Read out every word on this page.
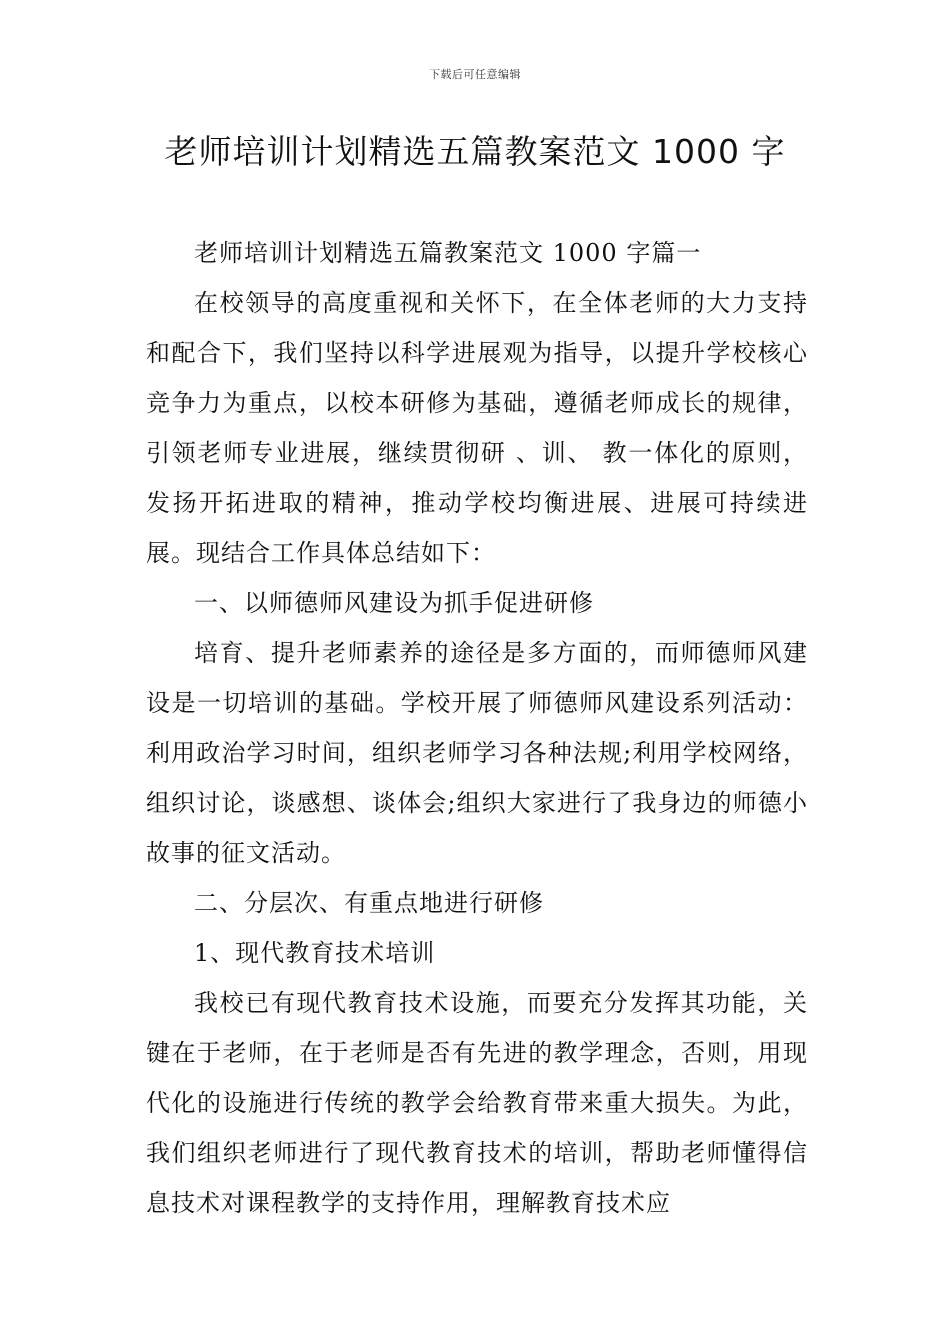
下载后可任意编辑
老师培训计划精选五篇教案范文 1000 字

老师培训计划精选五篇教案范文 1000 字篇一

在校领导的高度重视和关怀下，在全体老师的大力支持和配合下，我们坚持以科学进展观为指导，以提升学校核心竞争力为重点，以校本研修为基础，遵循老师成长的规律，引领老师专业进展，继续贯彻研 、训、 教一体化的原则，发扬开拓进取的精神，推动学校均衡进展、进展可持续进展。现结合工作具体总结如下：

一、以师德师风建设为抓手促进研修

培育、提升老师素养的途径是多方面的，而师德师风建设是一切培训的基础。学校开展了师德师风建设系列活动：利用政治学习时间，组织老师学习各种法规;利用学校网络，组织讨论，谈感想、谈体会;组织大家进行了我身边的师德小故事的征文活动。

二、分层次、有重点地进行研修

1、现代教育技术培训

我校已有现代教育技术设施，而要充分发挥其功能，关键在于老师，在于老师是否有先进的教学理念，否则，用现代化的设施进行传统的教学会给教育带来重大损失。为此，我们组织老师进行了现代教育技术的培训，帮助老师懂得信息技术对课程教学的支持作用，理解教育技术应
